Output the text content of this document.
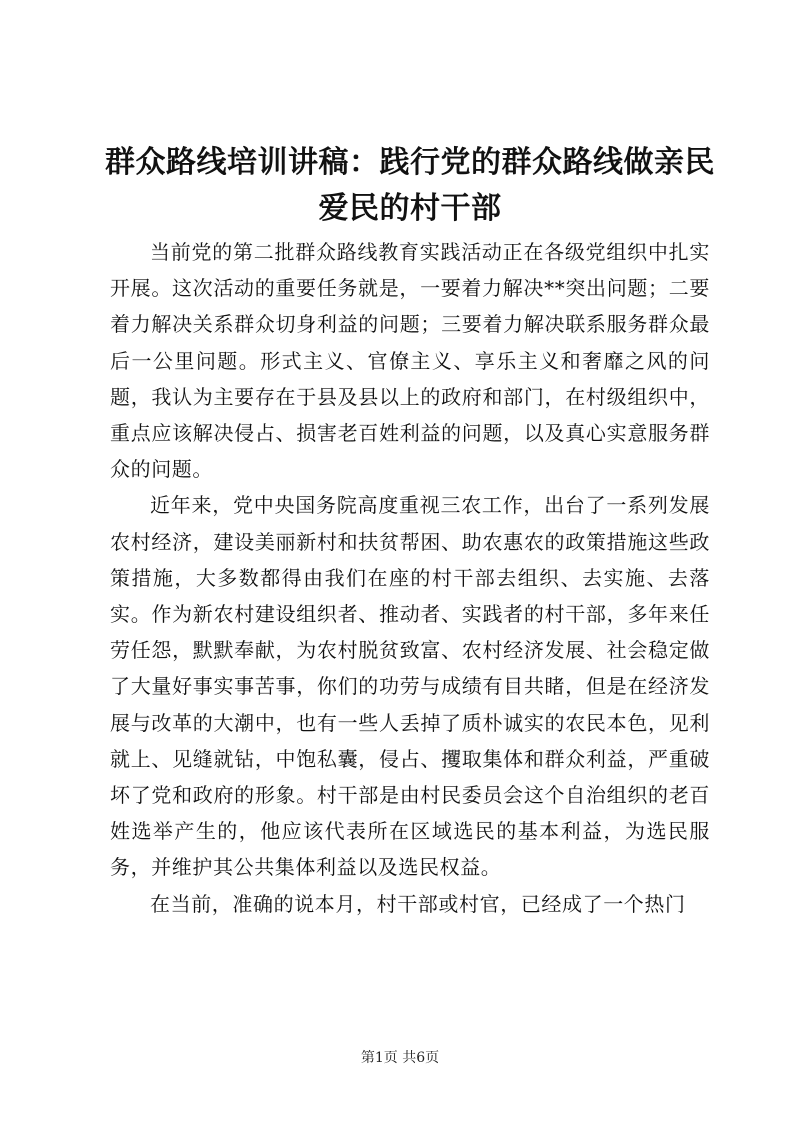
群众路线培训讲稿：践行党的群众路线做亲民
爱民的村干部

当前党的第二批群众路线教育实践活动正在各级党组织中扎实开展。这次活动的重要任务就是，一要着力解决**突出问题；二要着力解决关系群众切身利益的问题；三要着力解决联系服务群众最后一公里问题。形式主义、官僚主义、享乐主义和奢靡之风的问题，我认为主要存在于县及县以上的政府和部门，在村级组织中，重点应该解决侵占、损害老百姓利益的问题，以及真心实意服务群众的问题。

近年来，党中央国务院高度重视三农工作，出台了一系列发展农村经济，建设美丽新村和扶贫帮困、助农惠农的政策措施这些政策措施，大多数都得由我们在座的村干部去组织、去实施、去落实。作为新农村建设组织者、推动者、实践者的村干部，多年来任劳任怨，默默奉献，为农村脱贫致富、农村经济发展、社会稳定做了大量好事实事苦事，你们的功劳与成绩有目共睹，但是在经济发展与改革的大潮中，也有一些人丢掉了质朴诚实的农民本色，见利就上、见缝就钻，中饱私囊，侵占、攫取集体和群众利益，严重破坏了党和政府的形象。村干部是由村民委员会这个自治组织的老百姓选举产生的，他应该代表所在区域选民的基本利益，为选民服务，并维护其公共集体利益以及选民权益。

在当前，准确的说本月，村干部或村官，已经成了一个热门

第1页 共6页
